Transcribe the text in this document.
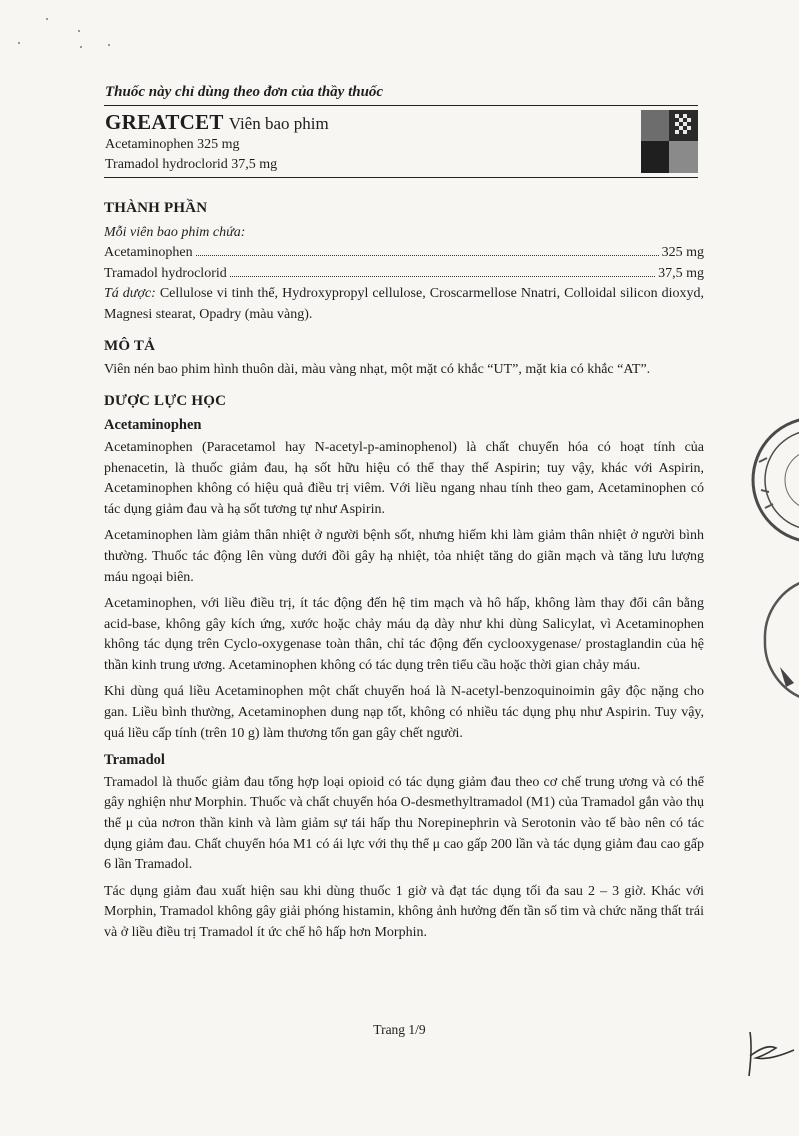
Thuốc này chỉ dùng theo đơn của thầy thuốc
GREATCET Viên bao phim
Acetaminophen 325 mg
Tramadol hydroclorid 37,5 mg
THÀNH PHẦN

Mỗi viên bao phim chứa:

Acetaminophen	325 mg
Tramadol hydroclorid	37,5 mg

Tá dược: Cellulose vi tinh thể, Hydroxypropyl cellulose, Croscarmellose Nnatri, Colloidal silicon dioxyd, Magnesi stearat, Opadry (màu vàng).

MÔ TẢ

Viên nén bao phim hình thuôn dài, màu vàng nhạt, một mặt có khắc “UT”, mặt kia có khắc “AT”.

DƯỢC LỰC HỌC
Acetaminophen

Acetaminophen (Paracetamol hay N-acetyl-p-aminophenol) là chất chuyển hóa có hoạt tính của phenacetin, là thuốc giảm đau, hạ sốt hữu hiệu có thể thay thế Aspirin; tuy vậy, khác với Aspirin, Acetaminophen không có hiệu quả điều trị viêm. Với liều ngang nhau tính theo gam, Acetaminophen có tác dụng giảm đau và hạ sốt tương tự như Aspirin.

Acetaminophen làm giảm thân nhiệt ở người bệnh sốt, nhưng hiếm khi làm giảm thân nhiệt ở người bình thường. Thuốc tác động lên vùng dưới đồi gây hạ nhiệt, tỏa nhiệt tăng do giãn mạch và tăng lưu lượng máu ngoại biên.

Acetaminophen, với liều điều trị, ít tác động đến hệ tim mạch và hô hấp, không làm thay đổi cân bằng acid-base, không gây kích ứng, xước hoặc chảy máu dạ dày như khi dùng Salicylat, vì Acetaminophen không tác dụng trên Cyclo-oxygenase toàn thân, chỉ tác động đến cyclooxygenase/ prostaglandin của hệ thần kinh trung ương. Acetaminophen không có tác dụng trên tiểu cầu hoặc thời gian chảy máu.

Khi dùng quá liều Acetaminophen một chất chuyển hoá là N-acetyl-benzoquinoimin gây độc nặng cho gan. Liều bình thường, Acetaminophen dung nạp tốt, không có nhiều tác dụng phụ như Aspirin. Tuy vậy, quá liều cấp tính (trên 10 g) làm thương tổn gan gây chết người.

Tramadol

Tramadol là thuốc giảm đau tổng hợp loại opioid có tác dụng giảm đau theo cơ chế trung ương và có thể gây nghiện như Morphin. Thuốc và chất chuyển hóa O-desmethyltramadol (M1) của Tramadol gắn vào thụ thể μ của nơron thần kinh và làm giảm sự tái hấp thu Norepinephrin và Serotonin vào tế bào nên có tác dụng giảm đau. Chất chuyển hóa M1 có ái lực với thụ thể μ cao gấp 200 lần và tác dụng giảm đau cao gấp 6 lần Tramadol.

Tác dụng giảm đau xuất hiện sau khi dùng thuốc 1 giờ và đạt tác dụng tối đa sau 2 – 3 giờ. Khác với Morphin, Tramadol không gây giải phóng histamin, không ảnh hưởng đến tần số tim và chức năng thất trái và ở liều điều trị Tramadol ít ức chế hô hấp hơn Morphin.

Trang 1/9
